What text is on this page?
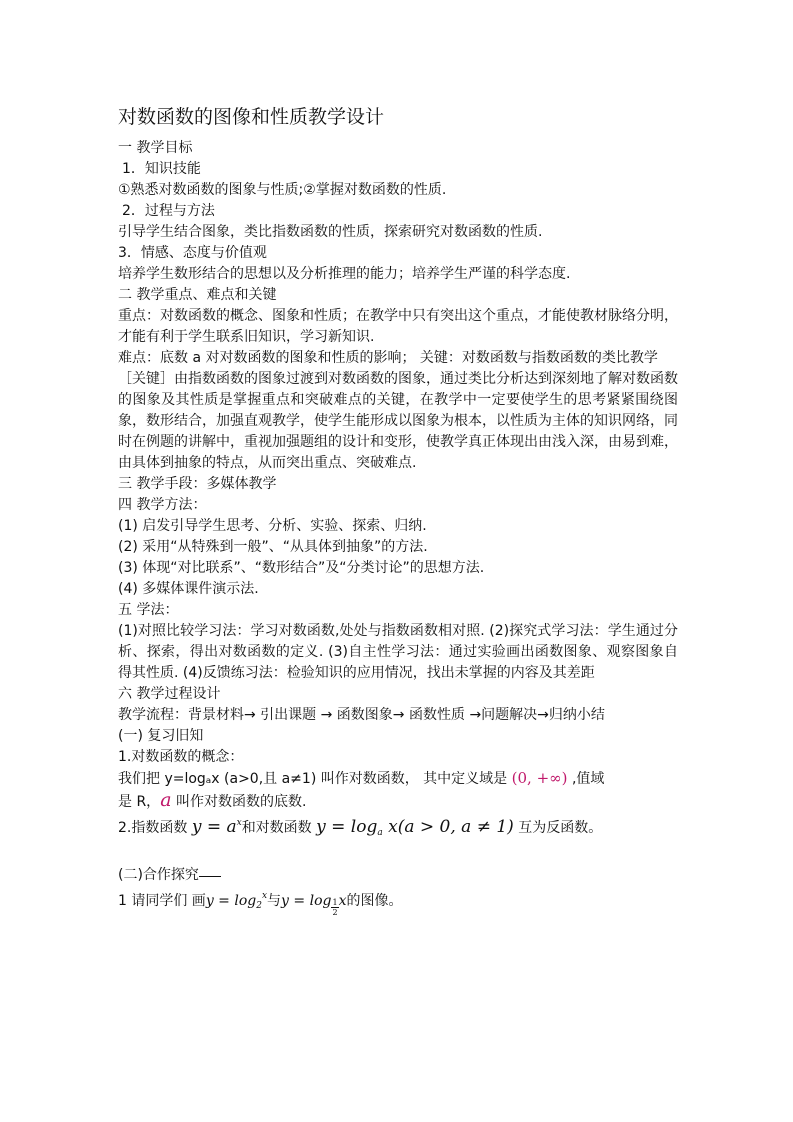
对数函数的图像和性质教学设计

一 教学目标

1．知识技能

①熟悉对数函数的图象与性质;②掌握对数函数的性质.

2．过程与方法

引导学生结合图象，类比指数函数的性质，探索研究对数函数的性质.

3．情感、态度与价值观

培养学生数形结合的思想以及分析推理的能力；培养学生严谨的科学态度.

二 教学重点、难点和关键

重点：对数函数的概念、图象和性质；在教学中只有突出这个重点，才能使教材脉络分明，才能有利于学生联系旧知识，学习新知识.

难点：底数 a 对对数函数的图象和性质的影响； 关键：对数函数与指数函数的类比教学

［关键］由指数函数的图象过渡到对数函数的图象，通过类比分析达到深刻地了解对数函数的图象及其性质是掌握重点和突破难点的关键，在教学中一定要使学生的思考紧紧围绕图象，数形结合，加强直观教学，使学生能形成以图象为根本，以性质为主体的知识网络，同时在例题的讲解中，重视加强题组的设计和变形，使教学真正体现出由浅入深，由易到难，由具体到抽象的特点，从而突出重点、突破难点.

三 教学手段：多媒体教学

四 教学方法：

(1) 启发引导学生思考、分析、实验、探索、归纳.

(2) 采用“从特殊到一般”、“从具体到抽象”的方法.

(3) 体现“对比联系”、“数形结合”及“分类讨论”的思想方法.

(4) 多媒体课件演示法.

五 学法：

(1)对照比较学习法：学习对数函数,处处与指数函数相对照. (2)探究式学习法：学生通过分析、探索，得出对数函数的定义. (3)自主性学习法：通过实验画出函数图象、观察图象自得其性质. (4)反馈练习法：检验知识的应用情况，找出未掌握的内容及其差距

六 教学过程设计

教学流程：背景材料→ 引出课题 → 函数图象→ 函数性质 →问题解决→归纳小结

(一) 复习旧知

1.对数函数的概念：

我们把 y=logₐx (a>0,且 a≠1) 叫作对数函数， 其中定义域是 (0, +∞) ,值域

是 R，a 叫作对数函数的底数.

2.指数函数 $y = a^x$和对数函数 $y = \log_a x(a > 0$, a ≠ 1) 互为反函数。

(二)合作探究

1 请同学们 画$y = \log_2^x$与$y = \log \frac{1}{2}$ x的图像。
